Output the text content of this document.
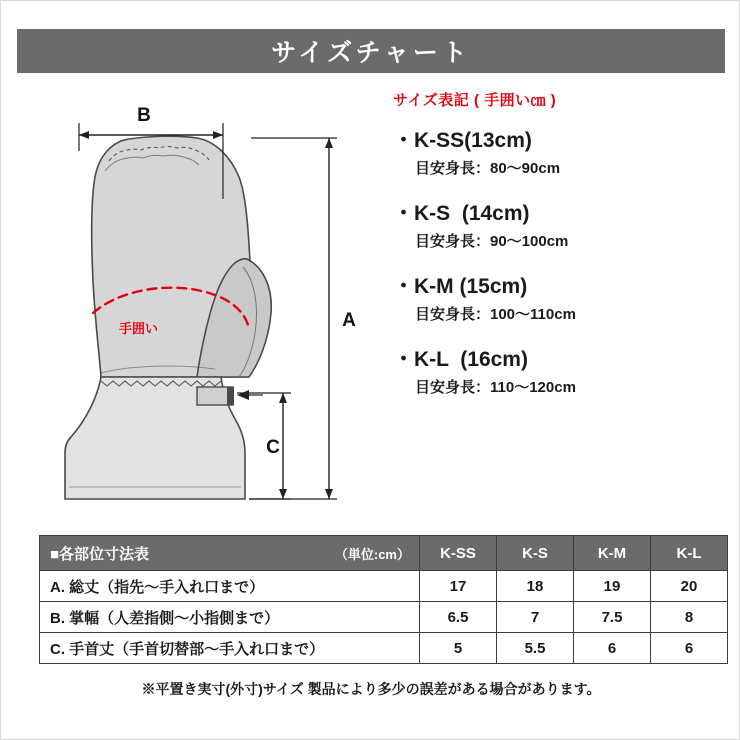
サイズチャート
B
A
C
手囲い
サイズ表記 ( 手囲い㎝ )
・ K-SS(13cm)
目安身長：80～90cm
・ K-S  (14cm)
目安身長：90～100cm
・ K-M (15cm)
目安身長：100～110cm
・ K-L  (16cm)
目安身長：110～120cm
■各部位寸法表 （単位:cm）	K-SS	K-S	K-M	K-L
A. 総丈（指先～手入れ口まで）	17	18	19	20
B. 掌幅（人差指側～小指側まで）	6.5	7	7.5	8
C. 手首丈（手首切替部～手入れ口まで）	5	5.5	6	6
※平置き実寸(外寸)サイズ 製品により多少の誤差がある場合があります。
